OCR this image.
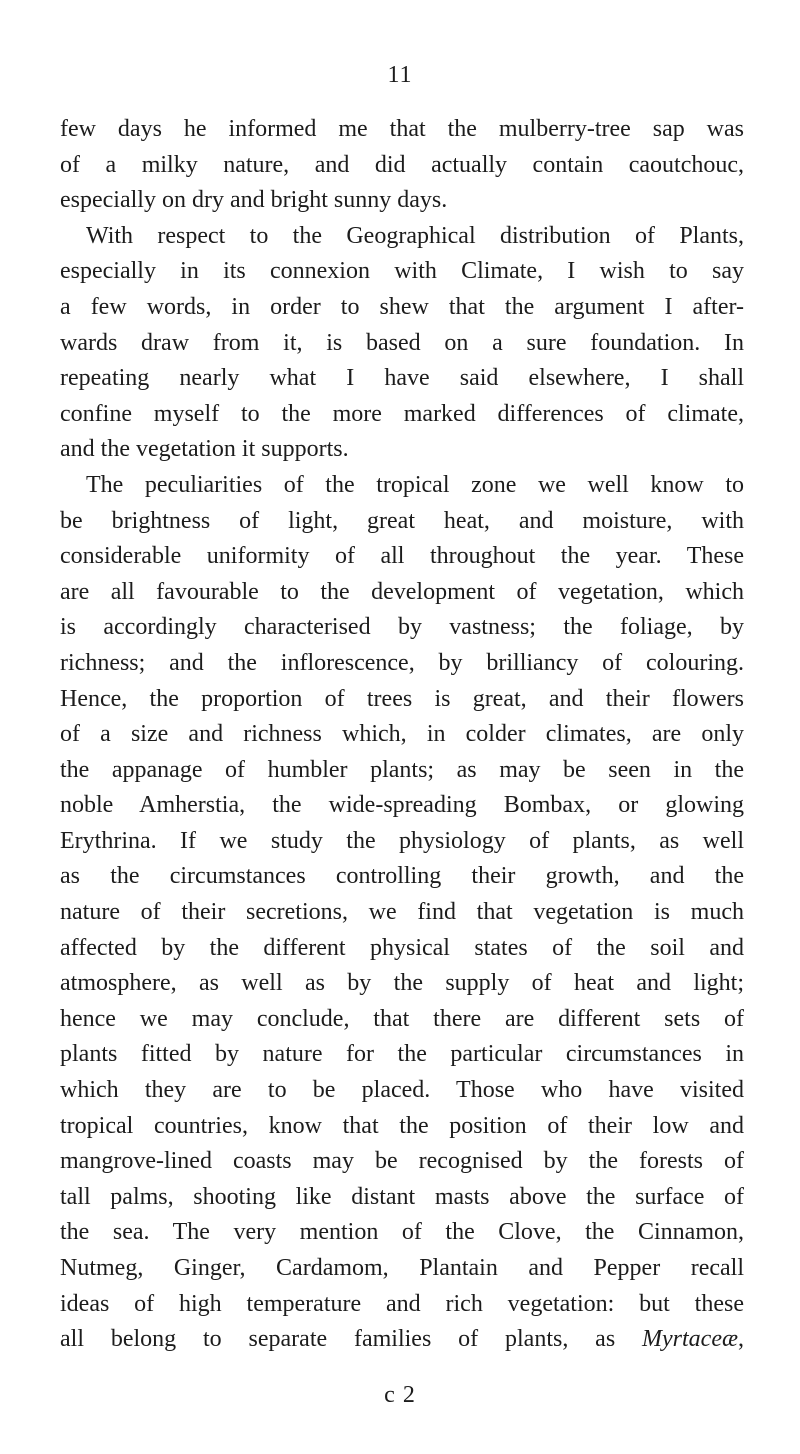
11
few days he informed me that the mulberry-tree sap was
of a milky nature, and did actually contain caoutchouc,
especially on dry and bright sunny days.
With respect to the Geographical distribution of Plants,
especially in its connexion with Climate, I wish to say
a few words, in order to shew that the argument I after-
wards draw from it, is based on a sure foundation. In
repeating nearly what I have said elsewhere, I shall
confine myself to the more marked differences of climate,
and the vegetation it supports.
The peculiarities of the tropical zone we well know to
be brightness of light, great heat, and moisture, with
considerable uniformity of all throughout the year. These
are all favourable to the development of vegetation, which
is accordingly characterised by vastness; the foliage, by
richness; and the inflorescence, by brilliancy of colouring.
Hence, the proportion of trees is great, and their flowers
of a size and richness which, in colder climates, are only
the appanage of humbler plants; as may be seen in the
noble Amherstia, the wide-spreading Bombax, or glowing
Erythrina. If we study the physiology of plants, as well
as the circumstances controlling their growth, and the
nature of their secretions, we find that vegetation is much
affected by the different physical states of the soil and
atmosphere, as well as by the supply of heat and light;
hence we may conclude, that there are different sets of
plants fitted by nature for the particular circumstances in
which they are to be placed. Those who have visited
tropical countries, know that the position of their low and
mangrove-lined coasts may be recognised by the forests of
tall palms, shooting like distant masts above the surface of
the sea. The very mention of the Clove, the Cinnamon,
Nutmeg, Ginger, Cardamom, Plantain and Pepper recall
ideas of high temperature and rich vegetation: but these
all belong to separate families of plants, as Myrtaceæ,
c 2
